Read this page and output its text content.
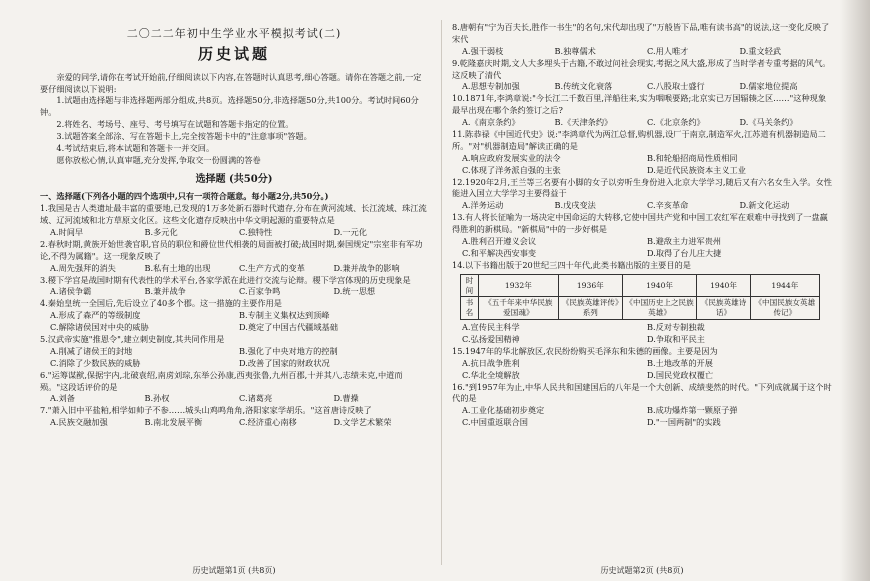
二〇二二年初中生学业水平模拟考试(二)
历史试题

亲爱的同学,请你在考试开始前,仔细阅读以下内容,在答题时认真思考,细心答题。请你在答题之前,一定要仔细阅读以下说明:

1.试题由选择题与非选择题两部分组成,共8页。选择题50分,非选择题50分,共100分。考试时间60分钟。

2.将姓名、考场号、座号、考号填写在试题和答题卡指定的位置。

3.试题答案全部涂、写在答题卡上,完全按答题卡中的"注意事项"答题。

4.考试结束后,将本试题和答题卡一并交回。

愿你放松心情,认真审题,充分发挥,争取交一份圆满的答卷

选择题 (共50分)

一、选择题(下列各小题的四个选项中,只有一项符合题意。每小题2分,共50分。)

1.我国是古人类遗址最丰富的重要地,已发现的1万多处新石器时代遗存,分布在黄河流域、长江流域、珠江流域、辽河流域和北方草原文化区。这些文化遗存反映出中华文明起源的重要特点是

A.时间早	B.多元化	C.独特性	D.一元化

2.春秋时期,黄族开始世袭官职,官员的职位和爵位世代相袭的局面被打破;战国时期,秦国规定"宗室非有军功论,不得为属籍"。这一现象反映了

A.周先强拜的消失	B.私有土地的出现	C.生产方式的变革	D.兼并战争的影响

3.稷下学宫是战国时期有代表性的学术平台,各家学派在此进行交流与论辩。稷下学宫体现的历史现象是

A.诸侯争霸	B.兼并战争	C.百家争鸣	D.统一思想

4.秦始皇统一全国后,先后设立了40多个郡。这一措施的主要作用是

A.形成了森严的等级制度	B.专制主义集权达到顶峰
C.解除诸侯国对中央的威胁	D.奠定了中国古代疆域基础

5.汉武帝实施"推恩令",建立刺史制度,其共同作用是

A.削减了诸侯王的封地	B.强化了中央对地方的控制
C.消除了少数民族的威胁	D.改善了国家的财政状况

6."运筹谋猷,保据宇内,北破袁绍,南虏刘琮,东举公孙康,西夷张鲁,九州百郡,十并其八,志绩未克,中道而殒。"这段话评价的是

A.刘备	B.孙权	C.诸葛亮	D.曹操

7."萧入旧中平盐粕,相学如帅子不参……城头山鸡鸣角角,洛阳家家学胡乐。"这首唐诗反映了

A.民族交融加强	B.南北发展平衡	C.经济重心南移	D.文学艺术繁荣
历史试题第1页 (共8页)

8.唐朝有"宁为百夫长,胜作一书生"的名句,宋代却出现了"万般皆下品,唯有读书高"的说法,这一变化反映了宋代

A.强干弱枝	B.独尊儒术	C.用人唯才	D.重文轻武

9.乾隆嘉庆时期,文人大多埋头于古籍,不敢过问社会现实,考据之风大盛,形成了当时学者专重考据的风气。这反映了清代

A.思想专制加强	B.传统文化衰落	C.八股取士盛行	D.儒家地位提高

10.1871年,李鸿章说:"今长江二千数百里,洋船往来,实为咽喉要路;北京实已万国辐辏之区……"这种现象最早出现在哪个条约签订之后?

A.《南京条约》	B.《天津条约》	C.《北京条约》	D.《马关条约》

11.陈恭禄《中国近代史》说:"李鸿章代为两江总督,购机器,设厂于南京,制造军火,江苏道有机器制造局二所。"对"机器制造局"解读正确的是

A.响应政府发展实业的法令	B.和轮船招商局性质相同
C.体现了洋务派自强的主张	D.是近代民族资本主义工业

12.1920年2月,王兰等三名要有小脚的女子以旁听生身份进入北京大学学习,随后又有六名女生入学。女性能进入国立大学学习主要得益于

A.洋务运动	B.戊戌变法	C.辛亥革命	D.新文化运动

13.有人将长征喻为一场决定中国命运的大转移,它使中国共产党和中国工农红军在艰难中寻找到了一盘赢得胜利的新棋局。"新棋局"中的一步好棋是

A.胜利召开遵义会议	B.避敌主力进军贵州
C.和平解决西安事变	D.取得了台儿庄大捷

14.以下书籍出版于20世纪三四十年代,此类书籍出版的主要目的是

时间	1932年	1936年	1940年	1940年	1944年
书名	《五千年来中华民族爱国魂》	《民族英雄评传》系列	《中国历史上之民族英雄》	《民族英雄诗话》	《中国民族女英雄传记》
A.宣传民主科学	B.反对专制独裁
C.弘扬爱国精神	D.争取和平民主

15.1947年的华北解放区,农民纷纷购买毛泽东和朱德的画像。主要是因为

A.抗日战争胜利	B.土地改革的开展
C.华北全境解放	D.国民党政权覆亡

16."到1957年为止,中华人民共和国建国后的八年是一个大创新、成绩斐然的时代。"下列成就属于这个时代的是

A.工业化基础初步奠定	B.成功爆炸第一颗原子弹
C.中国重返联合国	D."一国两制"的实践
历史试题第2页 (共8页)
